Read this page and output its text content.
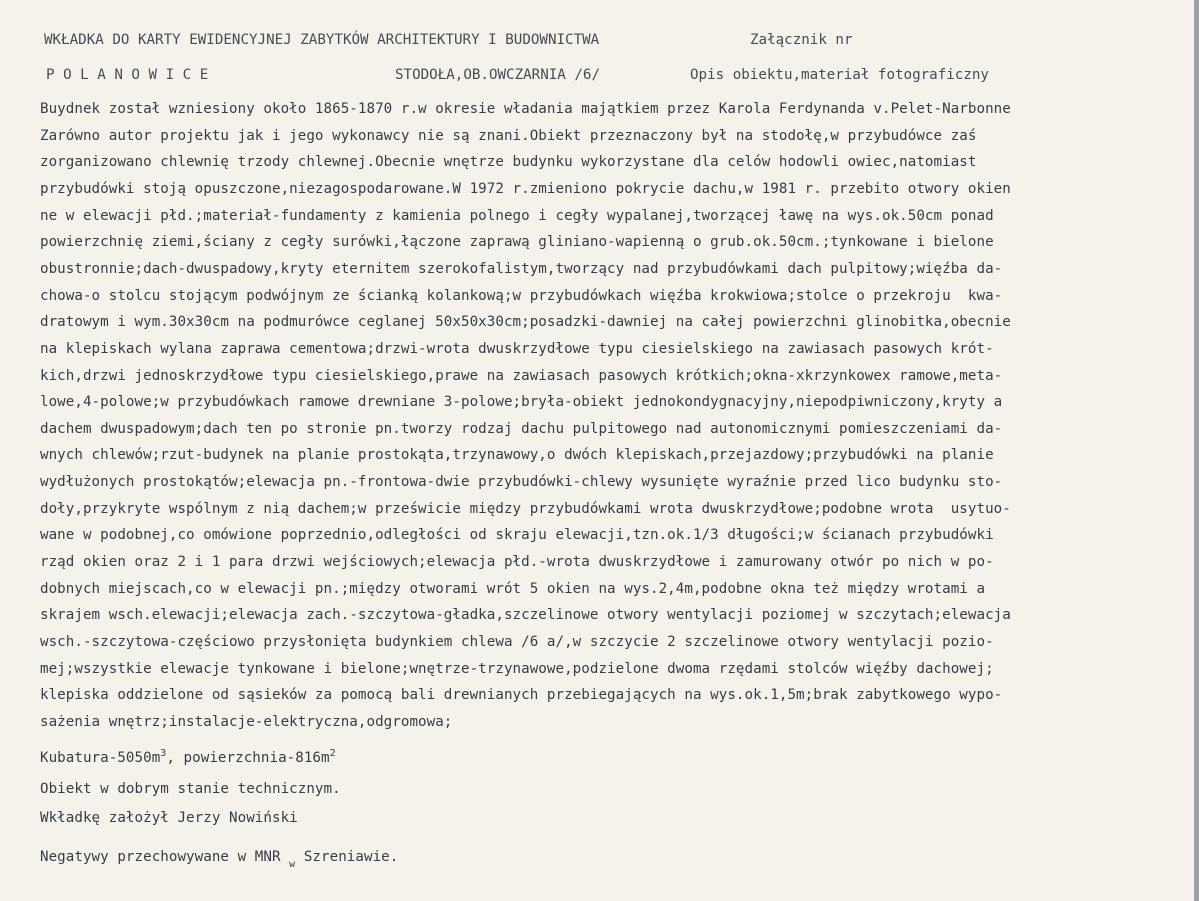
WKŁADKA DO KARTY EWIDENCYJNEJ ZABYTKÓW ARCHITEKTURY I BUDOWNICTWA	Załącznik nr
P O L A N O W I C E	STODOŁA,OB.OWCZARNIA /6/	Opis obiektu,materiał fotograficzny
Buydnek został wzniesiony około 1865-1870 r.w okresie władania majątkiem przez Karola Ferdynanda v.Pelet-Narbonne
Zarówno autor projektu jak i jego wykonawcy nie są znani.Obiekt przeznaczony był na stodołę,w przybudówce zaś
zorganizowano chlewnię trzody chlewnej.Obecnie wnętrze budynku wykorzystane dla celów hodowli owiec,natomiast
przybudówki stoją opuszczone,niezagospodarowane.W 1972 r.zmieniono pokrycie dachu,w 1981 r. przebito otwory okien
ne w elewacji płd.;materiał-fundamenty z kamienia polnego i cegły wypalanej,tworzącej ławę na wys.ok.50cm ponad
powierzchnię ziemi,ściany z cegły surówki,łączone zaprawą gliniano-wapienną o grub.ok.50cm.;tynkowane i bielone
obustronnie;dach-dwuspadowy,kryty eternitem szerokofalistym,tworzący nad przybudówkami dach pulpitowy;więźba da-
chowa-o stolcu stojącym podwójnym ze ścianką kolankową;w przybudówkach więźba krokwiowa;stolce o przekroju  kwa-
dratowym i wym.30x30cm na podmurówce ceglanej 50x50x30cm;posadzki-dawniej na całej powierzchni glinobitka,obecnie
na klepiskach wylana zaprawa cementowa;drzwi-wrota dwuskrzydłowe typu ciesielskiego na zawiasach pasowych krót-
kich,drzwi jednoskrzydłowe typu ciesielskiego,prawe na zawiasach pasowych krótkich;okna-xkrzynkowex ramowe,meta-
lowe,4-polowe;w przybudówkach ramowe drewniane 3-polowe;bryła-obiekt jednokondygnacyjny,niepodpiwniczony,kryty a
dachem dwuspadowym;dach ten po stronie pn.tworzy rodzaj dachu pulpitowego nad autonomicznymi pomieszczeniami da-
wnych chlewów;rzut-budynek na planie prostokąta,trzynawowy,o dwóch klepiskach,przejazdowy;przybudówki na planie
wydłużonych prostokątów;elewacja pn.-frontowa-dwie przybudówki-chlewy wysunięte wyraźnie przed lico budynku sto-
doły,przykryte wspólnym z nią dachem;w prześwicie między przybudówkami wrota dwuskrzydłowe;podobne wrota  usytuo-
wane w podobnej,co omówione poprzednio,odległości od skraju elewacji,tzn.ok.1/3 długości;w ścianach przybudówki
rząd okien oraz 2 i 1 para drzwi wejściowych;elewacja płd.-wrota dwuskrzydłowe i zamurowany otwór po nich w po-
dobnych miejscach,co w elewacji pn.;między otworami wrót 5 okien na wys.2,4m,podobne okna też między wrotami a
skrajem wsch.elewacji;elewacja zach.-szczytowa-gładka,szczelinowe otwory wentylacji poziomej w szczytach;elewacja
wsch.-szczytowa-częściowo przysłonięta budynkiem chlewa /6 a/,w szczycie 2 szczelinowe otwory wentylacji pozio-
mej;wszystkie elewacje tynkowane i bielone;wnętrze-trzynawowe,podzielone dwoma rzędami stolców więźby dachowej;
klepiska oddzielone od sąsieków za pomocą bali drewnianych przebiegających na wys.ok.1,5m;brak zabytkowego wypo-
sażenia wnętrz;instalacje-elektryczna,odgromowa;
Kubatura-$5050m^3$, powierzchnia-$816m^2$
Obiekt w dobrym stanie technicznym.
Wkładkę założył Jerzy Nowiński
Negatywy przechowywane w MNR $_w$ Szreniawie.
